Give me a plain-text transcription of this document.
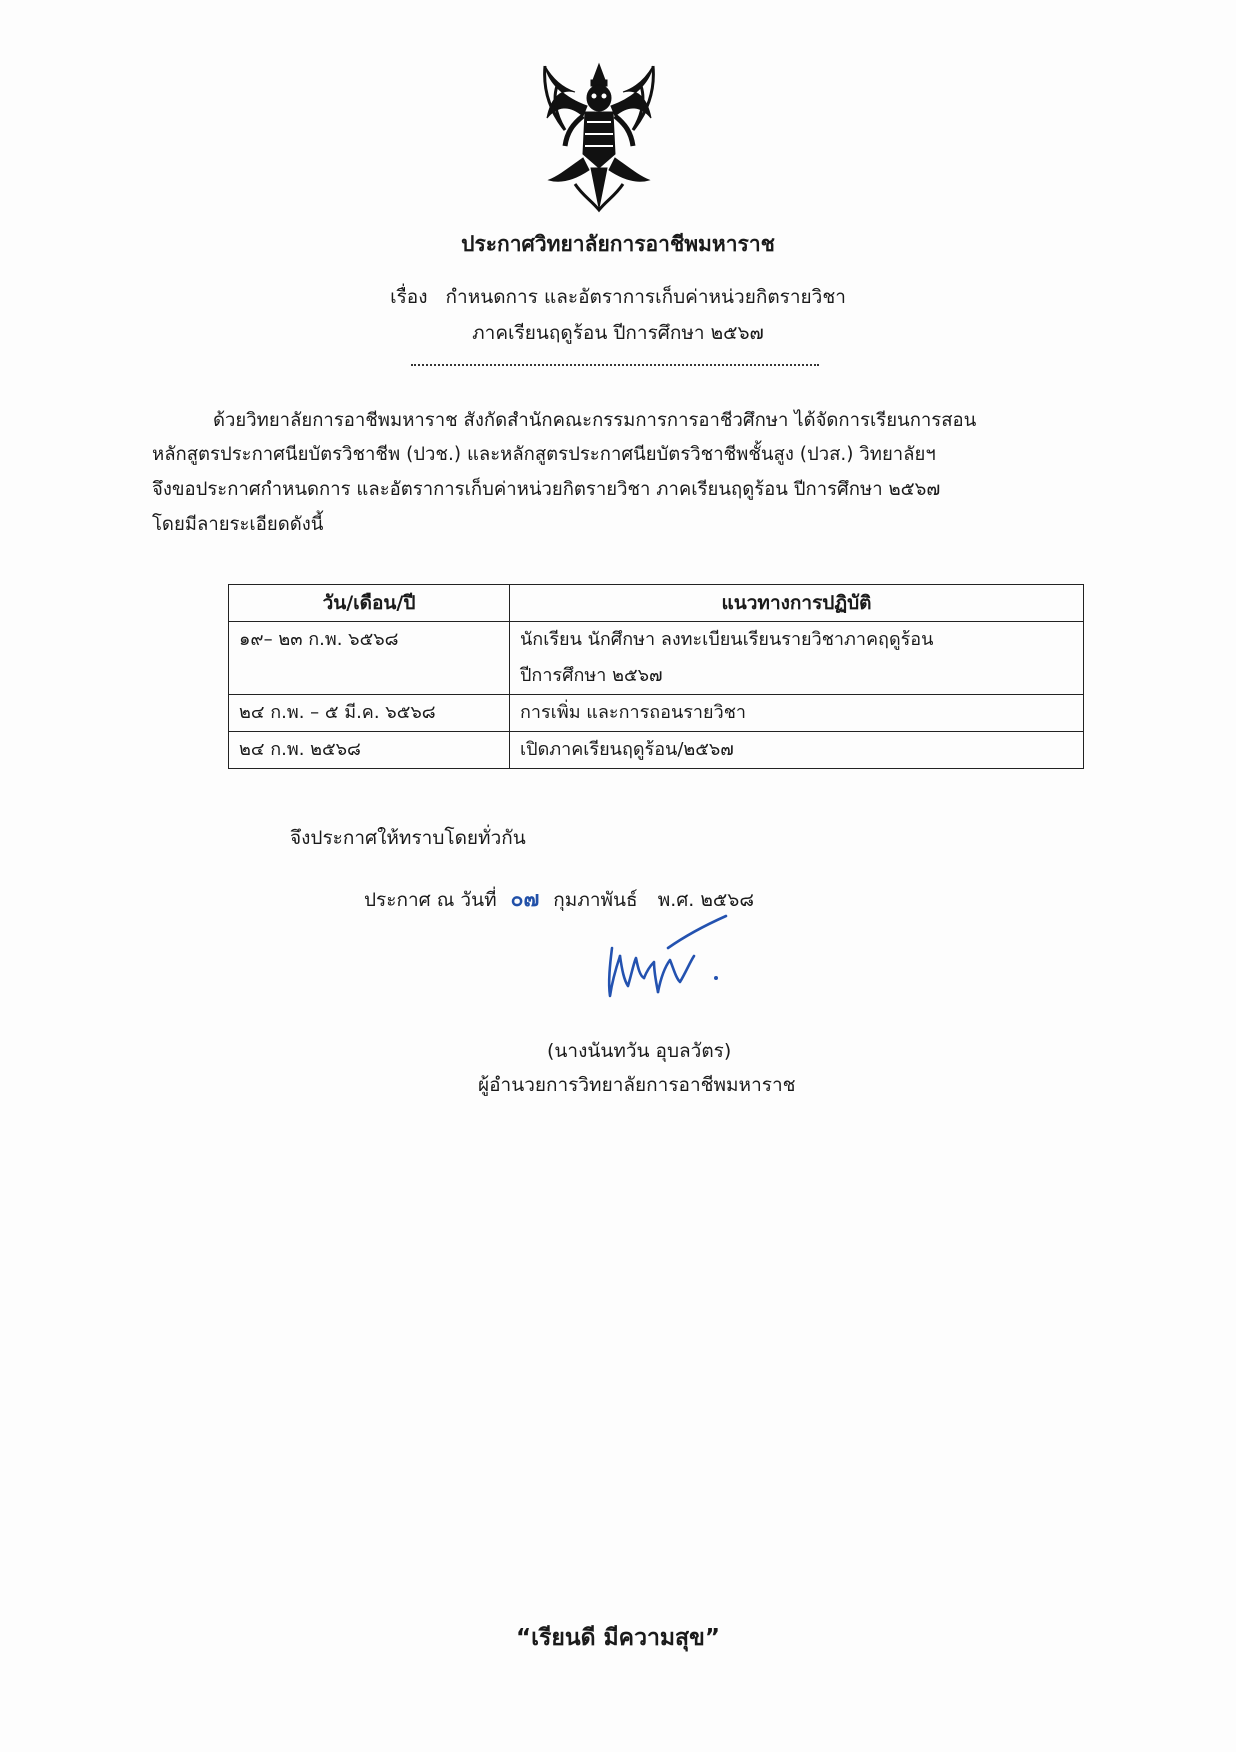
ประกาศวิทยาลัยการอาชีพมหาราช
เรื่อง กำหนดการ และอัตราการเก็บค่าหน่วยกิตรายวิชา
ภาคเรียนฤดูร้อน ปีการศึกษา ๒๕๖๗
ด้วยวิทยาลัยการอาชีพมหาราช สังกัดสำนักคณะกรรมการการอาชีวศึกษา ได้จัดการเรียนการสอน
หลักสูตรประกาศนียบัตรวิชาชีพ (ปวช.) และหลักสูตรประกาศนียบัตรวิชาชีพชั้นสูง (ปวส.) วิทยาลัยฯ
จึงขอประกาศกำหนดการ และอัตราการเก็บค่าหน่วยกิตรายวิชา ภาคเรียนฤดูร้อน ปีการศึกษา ๒๕๖๗
โดยมีลายระเอียดดังนี้
วัน/เดือน/ปี	แนวทางการปฏิบัติ
๑๙– ๒๓ ก.พ. ๖๕๖๘	นักเรียน นักศึกษา ลงทะเบียนเรียนรายวิชาภาคฤดูร้อน
ปีการศึกษา ๒๕๖๗

๒๔ ก.พ. – ๕ มี.ค. ๖๕๖๘	การเพิ่ม และการถอนรายวิชา
๒๔ ก.พ. ๒๕๖๘	เปิดภาคเรียนฤดูร้อน/๒๕๖๗
จึงประกาศให้ทราบโดยทั่วกัน
ประกาศ ณ วันที่ ๐๗ กุมภาพันธ์ พ.ศ. ๒๕๖๘
(นางนันทวัน อุบลวัตร)
ผู้อำนวยการวิทยาลัยการอาชีพมหาราช
“เรียนดี มีความสุข”
